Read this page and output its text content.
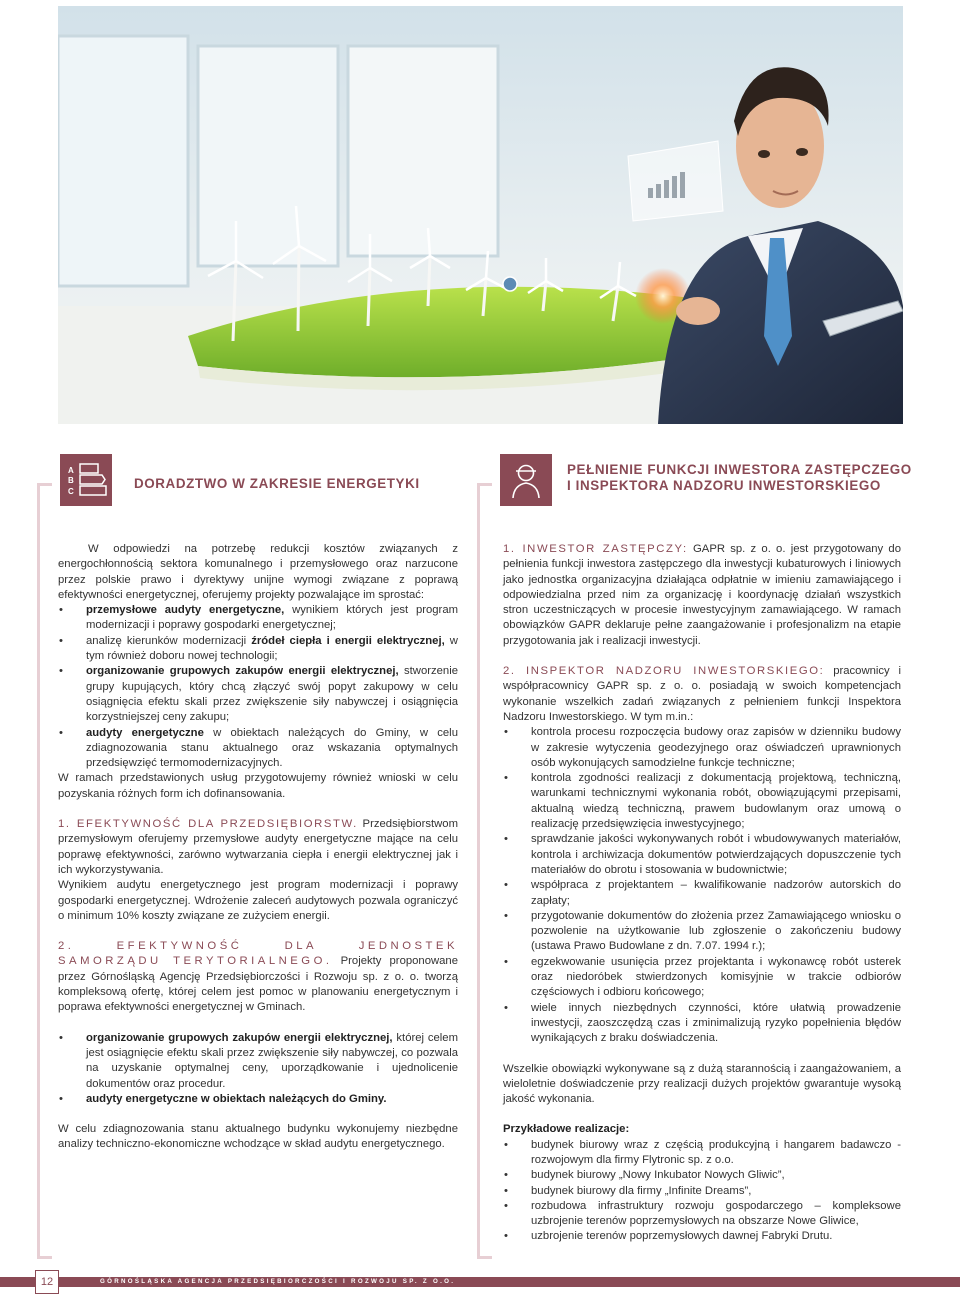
A
B
C
DORADZTWO W ZAKRESIE ENERGETYKI
PEŁNIENIE FUNKCJI INWESTORA ZASTĘPCZEGO
I INSPEKTORA NADZORU INWESTORSKIEGO

W odpowiedzi na potrzebę redukcji kosztów związanych z energochłonnością sektora komunalnego i przemysłowego oraz narzucone przez polskie prawo i dyrektywy unijne wymogi związane z poprawą efektywności energetycznej, oferujemy projekty pozwalające im sprostać:

• przemysłowe audyty energetyczne, wynikiem których jest program modernizacji i poprawy gospodarki energetycznej;
• analizę kierunków modernizacji źródeł ciepła i energii elektrycznej, w tym również doboru nowej technologii;
• organizowanie grupowych zakupów energii elektrycznej, stworzenie grupy kupujących, który chcą złączyć swój popyt zakupowy w celu osiągnięcia efektu skali przez zwiększenie siły nabywczej i osiągnięcia korzystniejszej ceny zakupu;
• audyty energetyczne w obiektach należących do Gminy, w celu zdiagnozowania stanu aktualnego oraz wskazania optymalnych przedsięwzięć termomodernizacyjnych.

W ramach przedstawionych usług przygotowujemy również wnioski w celu pozyskania różnych form ich dofinansowania.

1. EFEKTYWNOŚĆ DLA PRZEDSIĘBIORSTW. Przedsiębiorstwom przemysłowym oferujemy przemysłowe audyty energetyczne mające na celu poprawę efektywności, zarówno wytwarzania ciepła i energii elektrycznej jak i ich wykorzystywania.

Wynikiem audytu energetycznego jest program modernizacji i poprawy gospodarki energetycznej. Wdrożenie zaleceń audytowych pozwala ograniczyć o minimum 10% koszty związane ze zużyciem energii.

2. EFEKTYWNOŚĆ DLA JEDNOSTEK SAMORZĄDU TERYTORIALNEGO. Projekty proponowane przez Górnośląską Agencję Przedsiębiorczości i Rozwoju sp. z o. o. tworzą kompleksową ofertę, której celem jest pomoc w planowaniu energetycznym i poprawa efektywności energetycznej w Gminach.

• organizowanie grupowych zakupów energii elektrycznej, której celem jest osiągnięcie efektu skali przez zwiększenie siły nabywczej, co pozwala na uzyskanie optymalnej ceny, uporządkowanie i ujednolicenie dokumentów oraz procedur.
• audyty energetyczne w obiektach należących do Gminy.

W celu zdiagnozowania stanu aktualnego budynku wykonujemy niezbędne analizy techniczno-ekonomiczne wchodzące w skład audytu energetycznego.

1. INWESTOR ZASTĘPCZY: GAPR sp. z o. o. jest przygotowany do pełnienia funkcji inwestora zastępczego dla inwestycji kubaturowych i liniowych jako jednostka organizacyjna działająca odpłatnie w imieniu zamawiającego i odpowiedzialna przed nim za organizację i koordynację działań wszystkich stron uczestniczących w procesie inwestycyjnym zamawiającego. W ramach obowiązków GAPR deklaruje pełne zaangażowanie i profesjonalizm na etapie przygotowania jak i realizacji inwestycji.

2. INSPEKTOR NADZORU INWESTORSKIEGO: pracownicy i współpracownicy GAPR sp. z o. o. posiadają w swoich kompetencjach wykonanie wszelkich zadań związanych z pełnieniem funkcji Inspektora Nadzoru Inwestorskiego. W tym m.in.:

• kontrola procesu rozpoczęcia budowy oraz zapisów w dzienniku budowy w zakresie wytyczenia geodezyjnego oraz oświadczeń uprawnionych osób wykonujących samodzielne funkcje techniczne;
• kontrola zgodności realizacji z dokumentacją projektową, techniczną, warunkami technicznymi wykonania robót, obowiązującymi przepisami, aktualną wiedzą techniczną, prawem budowlanym oraz umową o realizację przedsięwzięcia inwestycyjnego;
• sprawdzanie jakości wykonywanych robót i wbudowywanych materiałów, kontrola i archiwizacja dokumentów potwierdzających dopuszczenie tych materiałów do obrotu i stosowania w budownictwie;
• współpraca z projektantem – kwalifikowanie nadzorów autorskich do zapłaty;
• przygotowanie dokumentów do złożenia przez Zamawiającego wniosku o pozwolenie na użytkowanie lub zgłoszenie o zakończeniu budowy (ustawa Prawo Budowlane z dn. 7.07. 1994 r.);
• egzekwowanie usunięcia przez projektanta i wykonawcę robót usterek oraz niedoróbek stwierdzonych komisyjnie w trakcie odbiorów częściowych i odbioru końcowego;
• wiele innych niezbędnych czynności, które ułatwią prowadzenie inwestycji, zaoszczędzą czas i zminimalizują ryzyko popełnienia błędów wynikających z braku doświadczenia.

Wszelkie obowiązki wykonywane są z dużą starannością i zaangażowaniem, a wieloletnie doświadczenie przy realizacji dużych projektów gwarantuje wysoką jakość wykonania.

Przykładowe realizacje:

• budynek biurowy wraz z częścią produkcyjną i hangarem badawczo - rozwojowym dla firmy Flytronic sp. z o.o.
• budynek biurowy „Nowy Inkubator Nowych Gliwic”,
• budynek biurowy dla firmy „Infinite Dreams”,
• rozbudowa infrastruktury rozwoju gospodarczego – kompleksowe uzbrojenie terenów poprzemysłowych na obszarze Nowe Gliwice,
• uzbrojenie terenów poprzemysłowych dawnej Fabryki Drutu.
12	GÓRNOŚLĄSKA AGENCJA PRZEDSIĘBIORCZOŚCI I ROZWOJU SP. Z O.O.
